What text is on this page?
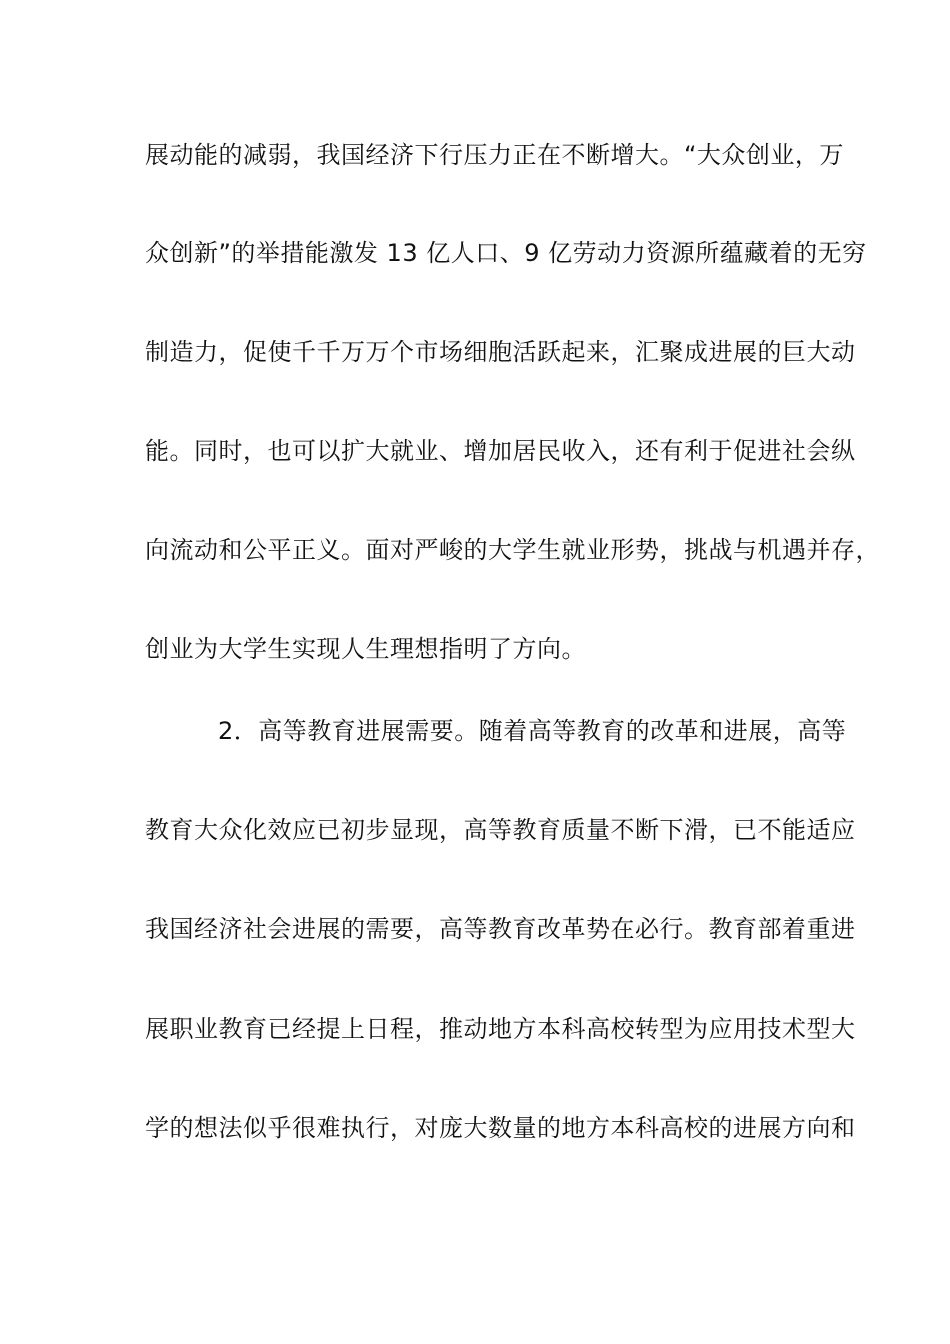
展动能的减弱，我国经济下行压力正在不断增大。“大众创业，万
众创新”的举措能激发 13 亿人口、9 亿劳动力资源所蕴藏着的无穷
制造力，促使千千万万个市场细胞活跃起来，汇聚成进展的巨大动
能。同时，也可以扩大就业、增加居民收入，还有利于促进社会纵
向流动和公平正义。面对严峻的大学生就业形势，挑战与机遇并存，
创业为大学生实现人生理想指明了方向。
2．高等教育进展需要。随着高等教育的改革和进展，高等
教育大众化效应已初步显现，高等教育质量不断下滑，已不能适应
我国经济社会进展的需要，高等教育改革势在必行。教育部着重进
展职业教育已经提上日程，推动地方本科高校转型为应用技术型大
学的想法似乎很难执行，对庞大数量的地方本科高校的进展方向和
